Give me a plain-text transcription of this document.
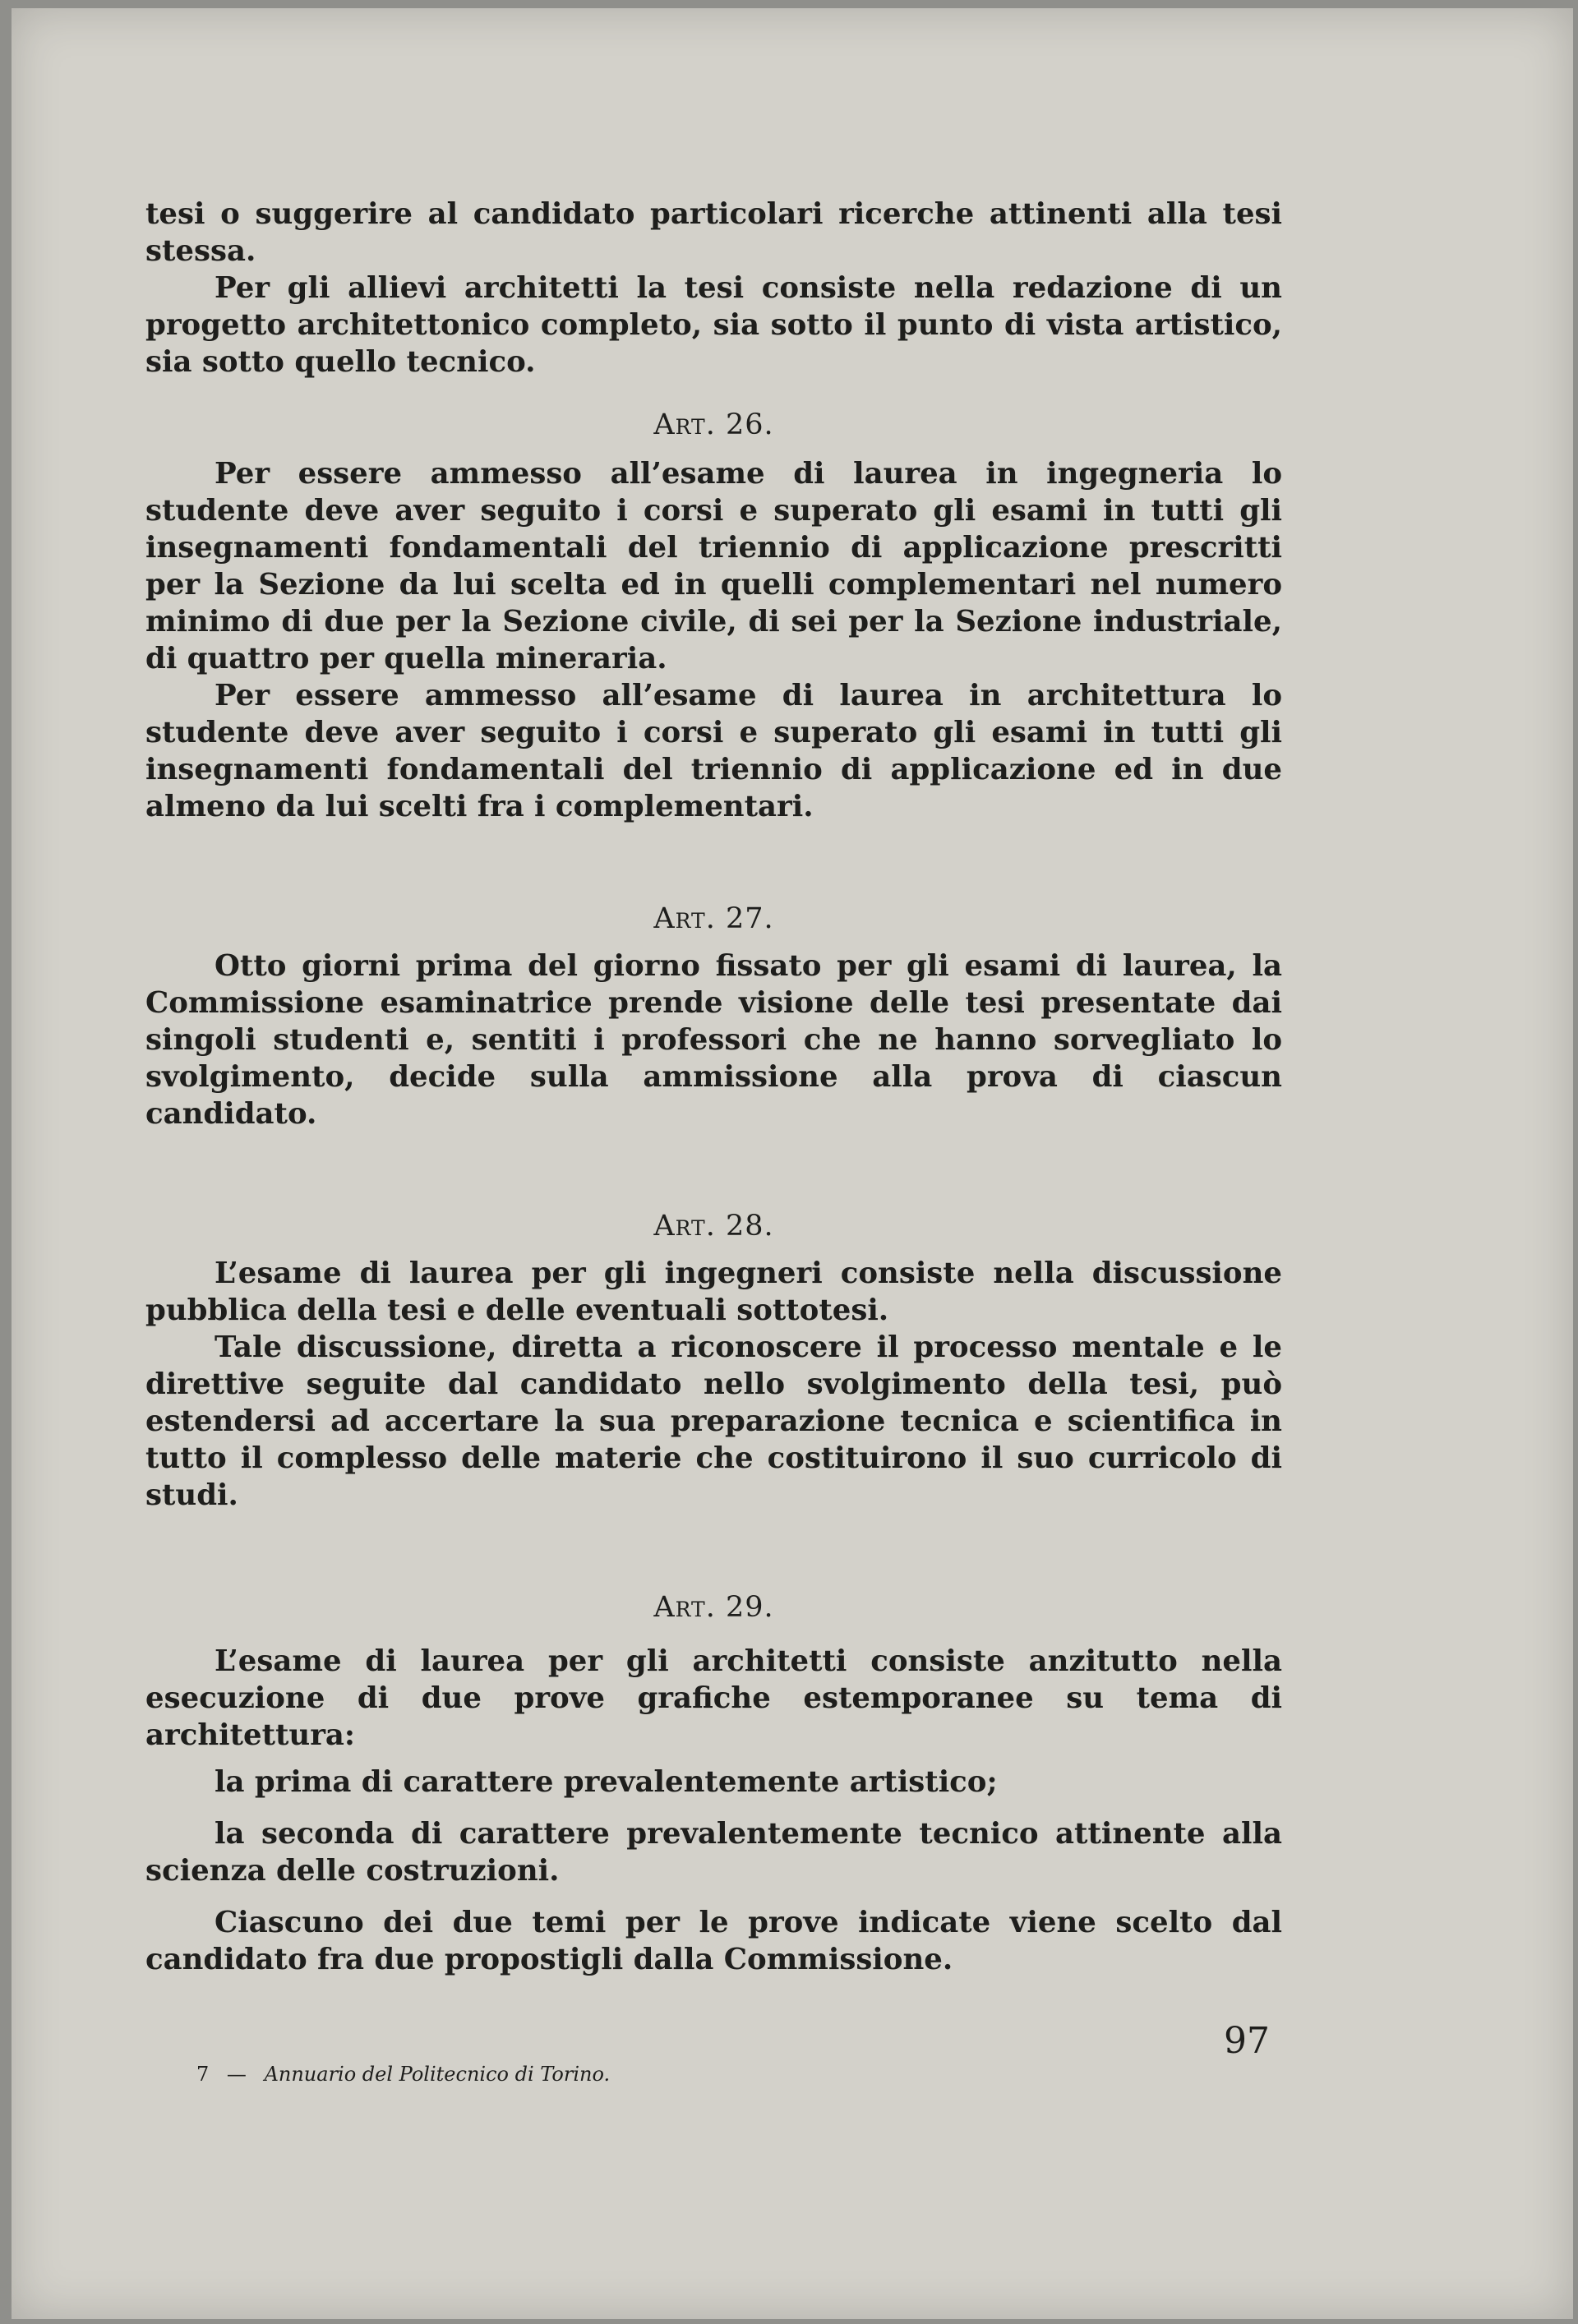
tesi o suggerire al candidato particolari ricerche attinenti alla tesi stessa.

Per gli allievi architetti la tesi consiste nella redazione di un progetto architettonico completo, sia sotto il punto di vista artistico, sia sotto quello tecnico.

Art. 26.

Per essere ammesso all’esame di laurea in ingegneria lo studente deve aver seguito i corsi e superato gli esami in tutti gli insegnamenti fondamentali del triennio di applicazione prescritti per la Sezione da lui scelta ed in quelli complementari nel numero minimo di due per la Sezione civile, di sei per la Sezione industriale, di quattro per quella mineraria.

Per essere ammesso all’esame di laurea in architettura lo studente deve aver seguito i corsi e superato gli esami in tutti gli insegnamenti fondamentali del triennio di applicazione ed in due almeno da lui scelti fra i complementari.

Art. 27.

Otto giorni prima del giorno fissato per gli esami di laurea, la Commissione esaminatrice prende visione delle tesi presentate dai singoli studenti e, sentiti i professori che ne hanno sorvegliato lo svolgimento, decide sulla ammissione alla prova di ciascun candidato.

Art. 28.

L’esame di laurea per gli ingegneri consiste nella discussione pubblica della tesi e delle eventuali sottotesi.

Tale discussione, diretta a riconoscere il processo mentale e le direttive seguite dal candidato nello svolgimento della tesi, può estendersi ad accertare la sua preparazione tecnica e scientifica in tutto il complesso delle materie che costituirono il suo curricolo di studi.

Art. 29.

L’esame di laurea per gli architetti consiste anzitutto nella esecuzione di due prove grafiche estemporanee su tema di architettura:

la prima di carattere prevalentemente artistico;

la seconda di carattere prevalentemente tecnico attinente alla scienza delle costruzioni.

Ciascuno dei due temi per le prove indicate viene scelto dal candidato fra due propostigli dalla Commissione.

97
7 — Annuario del Politecnico di Torino.
